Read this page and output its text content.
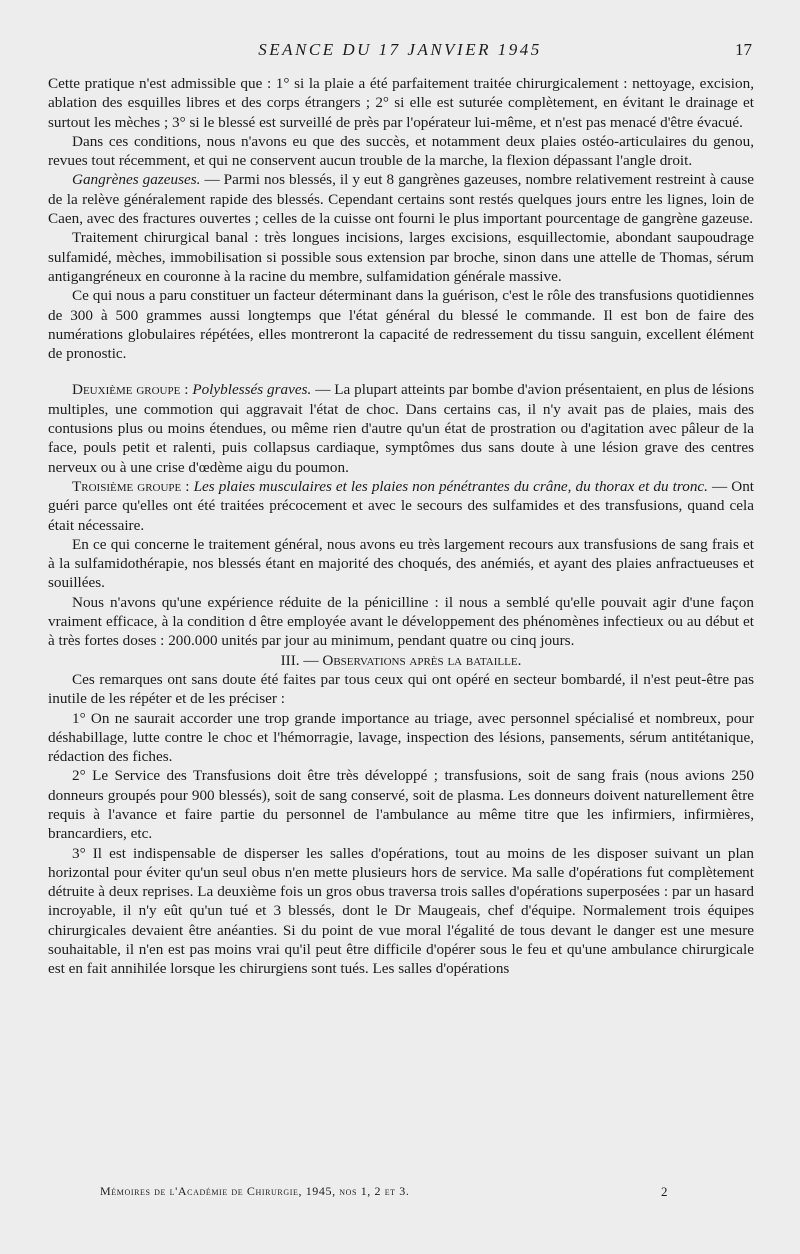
SEANCE DU 17 JANVIER 1945	17

Cette pratique n'est admissible que : 1° si la plaie a été parfaitement traitée chirurgicalement : nettoyage, excision, ablation des esquilles libres et des corps étrangers ; 2° si elle est suturée complètement, en évitant le drainage et surtout les mèches ; 3° si le blessé est surveillé de près par l'opérateur lui-même, et n'est pas menacé d'être évacué.

Dans ces conditions, nous n'avons eu que des succès, et notamment deux plaies ostéo-articulaires du genou, revues tout récemment, et qui ne conservent aucun trouble de la marche, la flexion dépassant l'angle droit.

Gangrènes gazeuses. — Parmi nos blessés, il y eut 8 gangrènes gazeuses, nombre relativement restreint à cause de la relève généralement rapide des blessés. Cependant certains sont restés quelques jours entre les lignes, loin de Caen, avec des fractures ouvertes ; celles de la cuisse ont fourni le plus important pourcentage de gangrène gazeuse.

Traitement chirurgical banal : très longues incisions, larges excisions, esquillectomie, abondant saupoudrage sulfamidé, mèches, immobilisation si possible sous extension par broche, sinon dans une attelle de Thomas, sérum antigangréneux en couronne à la racine du membre, sulfamidation générale massive.

Ce qui nous a paru constituer un facteur déterminant dans la guérison, c'est le rôle des transfusions quotidiennes de 300 à 500 grammes aussi longtemps que l'état général du blessé le commande. Il est bon de faire des numérations globulaires répétées, elles montreront la capacité de redressement du tissu sanguin, excellent élément de pronostic.

Deuxième groupe : Polyblessés graves. — La plupart atteints par bombe d'avion présentaient, en plus de lésions multiples, une commotion qui aggravait l'état de choc. Dans certains cas, il n'y avait pas de plaies, mais des contusions plus ou moins étendues, ou même rien d'autre qu'un état de prostration ou d'agitation avec pâleur de la face, pouls petit et ralenti, puis collapsus cardiaque, symptômes dus sans doute à une lésion grave des centres nerveux ou à une crise d'œdème aigu du poumon.

Troisième groupe : Les plaies musculaires et les plaies non pénétrantes du crâne, du thorax et du tronc. — Ont guéri parce qu'elles ont été traitées précocement et avec le secours des sulfamides et des transfusions, quand cela était nécessaire.

En ce qui concerne le traitement général, nous avons eu très largement recours aux transfusions de sang frais et à la sulfamidothérapie, nos blessés étant en majorité des choqués, des anémiés, et ayant des plaies anfractueuses et souillées.

Nous n'avons qu'une expérience réduite de la pénicilline : il nous a semblé qu'elle pouvait agir d'une façon vraiment efficace, à la condition d être employée avant le développement des phénomènes infectieux ou au début et à très fortes doses : 200.000 unités par jour au minimum, pendant quatre ou cinq jours.

III. — Observations après la bataille.

Ces remarques ont sans doute été faites par tous ceux qui ont opéré en secteur bombardé, il n'est peut-être pas inutile de les répéter et de les préciser :

1° On ne saurait accorder une trop grande importance au triage, avec personnel spécialisé et nombreux, pour déshabillage, lutte contre le choc et l'hémorragie, lavage, inspection des lésions, pansements, sérum antitétanique, rédaction des fiches.

2° Le Service des Transfusions doit être très développé ; transfusions, soit de sang frais (nous avions 250 donneurs groupés pour 900 blessés), soit de sang conservé, soit de plasma. Les donneurs doivent naturellement être requis à l'avance et faire partie du personnel de l'ambulance au même titre que les infirmiers, infirmières, brancardiers, etc.

3° Il est indispensable de disperser les salles d'opérations, tout au moins de les disposer suivant un plan horizontal pour éviter qu'un seul obus n'en mette plusieurs hors de service. Ma salle d'opérations fut complètement détruite à deux reprises. La deuxième fois un gros obus traversa trois salles d'opérations superposées : par un hasard incroyable, il n'y eût qu'un tué et 3 blessés, dont le Dr Maugeais, chef d'équipe. Normalement trois équipes chirurgicales devaient être anéanties. Si du point de vue moral l'égalité de tous devant le danger est une mesure souhaitable, il n'en est pas moins vrai qu'il peut être difficile d'opérer sous le feu et qu'une ambulance chirurgicale est en fait annihilée lorsque les chirurgiens sont tués. Les salles d'opérations

Mémoires de l'Académie de Chirurgie, 1945, nos 1, 2 et 3.	2
